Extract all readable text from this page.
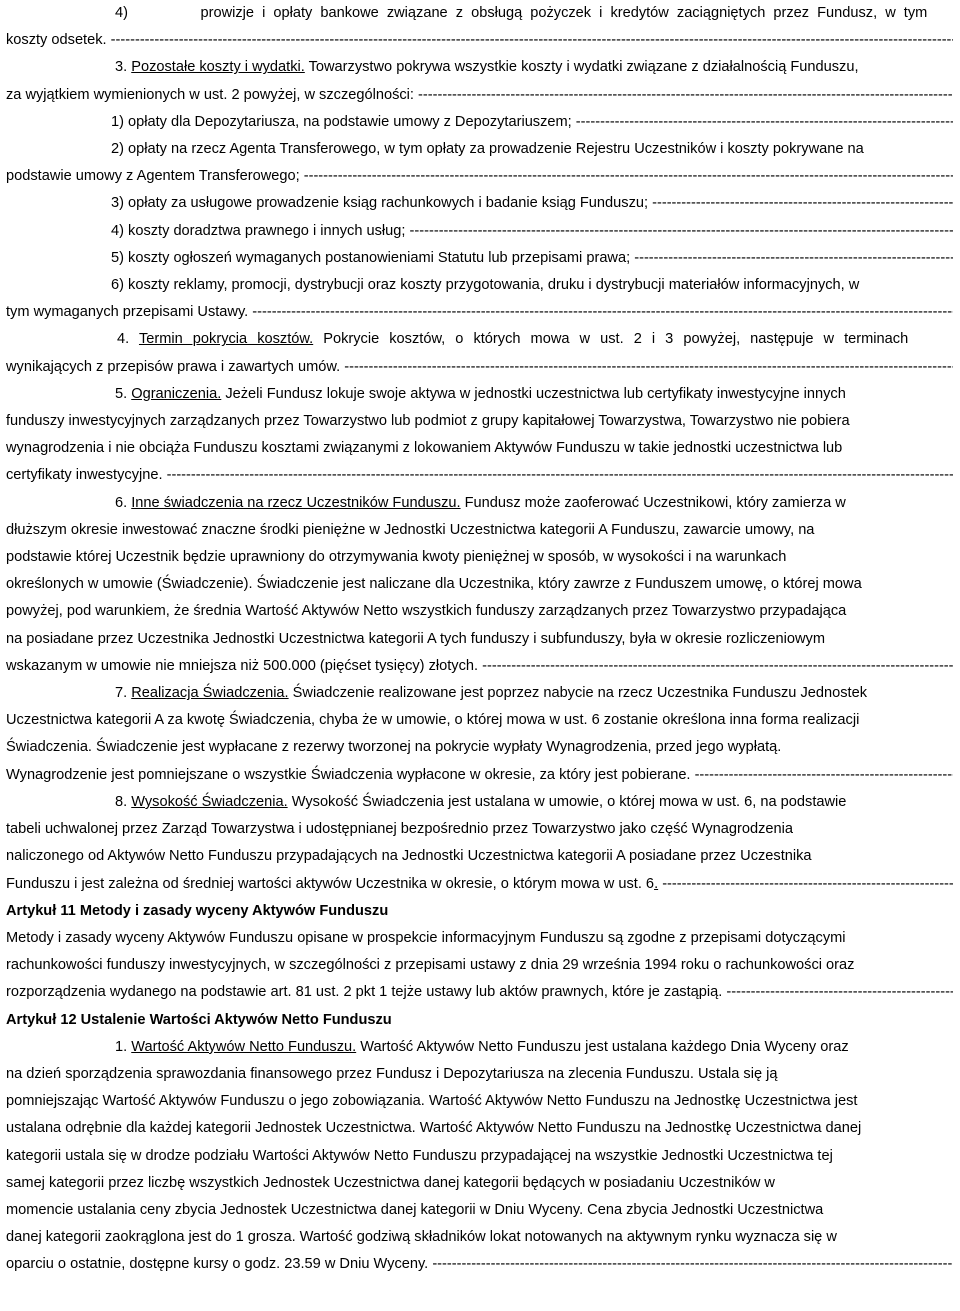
4)	prowizje i opłaty bankowe związane z obsługą pożyczek i kredytów zaciągniętych przez Fundusz, w tym

koszty odsetek. -----

3. Pozostałe koszty i wydatki. Towarzystwo pokrywa wszystkie koszty i wydatki związane z działalnością Funduszu,

za wyjątkiem wymienionych w ust. 2 powyżej, w szczególności: -----

1) opłaty dla Depozytariusza, na podstawie umowy z Depozytariuszem; -----

2) opłaty na rzecz Agenta Transferowego, w tym opłaty za prowadzenie Rejestru Uczestników i koszty pokrywane na

podstawie umowy z Agentem Transferowego; -----

3) opłaty za usługowe prowadzenie ksiąg rachunkowych i badanie ksiąg Funduszu; -----

4) koszty doradztwa prawnego i innych usług; -----

5) koszty ogłoszeń wymaganych postanowieniami Statutu lub przepisami prawa; -----

6) koszty reklamy, promocji, dystrybucji oraz koszty przygotowania, druku i dystrybucji materiałów informacyjnych, w

tym wymaganych przepisami Ustawy. -----

4. Termin pokrycia kosztów. Pokrycie kosztów, o których mowa w ust. 2 i 3 powyżej, następuje w terminach

wynikających z przepisów prawa i zawartych umów. -----

5. Ograniczenia. Jeżeli Fundusz lokuje swoje aktywa w jednostki uczestnictwa lub certyfikaty inwestycyjne innych

funduszy inwestycyjnych zarządzanych przez Towarzystwo lub podmiot z grupy kapitałowej Towarzystwa, Towarzystwo nie pobiera

wynagrodzenia i nie obciąża Funduszu kosztami związanymi z lokowaniem Aktywów Funduszu w takie jednostki uczestnictwa lub

certyfikaty inwestycyjne. -----

6. Inne świadczenia na rzecz Uczestników Funduszu. Fundusz może zaoferować Uczestnikowi, który zamierza w

dłuższym okresie inwestować znaczne środki pieniężne w Jednostki Uczestnictwa kategorii A Funduszu, zawarcie umowy, na

podstawie której Uczestnik będzie uprawniony do otrzymywania kwoty pieniężnej w sposób, w wysokości i na warunkach

określonych w umowie (Świadczenie). Świadczenie jest naliczane dla Uczestnika, który zawrze z Funduszem umowę, o której mowa

powyżej, pod warunkiem, że średnia Wartość Aktywów Netto wszystkich funduszy zarządzanych przez Towarzystwo przypadająca

na posiadane przez Uczestnika Jednostki Uczestnictwa kategorii A tych funduszy i subfunduszy, była w okresie rozliczeniowym

wskazanym w umowie nie mniejsza niż 500.000 (pięćset tysięcy) złotych. -----

7. Realizacja Świadczenia. Świadczenie realizowane jest poprzez nabycie na rzecz Uczestnika Funduszu Jednostek

Uczestnictwa kategorii A za kwotę Świadczenia, chyba że w umowie, o której mowa w ust. 6 zostanie określona inna forma realizacji

Świadczenia. Świadczenie jest wypłacane z rezerwy tworzonej na pokrycie wypłaty Wynagrodzenia, przed jego wypłatą.

Wynagrodzenie jest pomniejszane o wszystkie Świadczenia wypłacone w okresie, za który jest pobierane. -----

8. Wysokość Świadczenia. Wysokość Świadczenia jest ustalana w umowie, o której mowa w ust. 6, na podstawie

tabeli uchwalonej przez Zarząd Towarzystwa i udostępnianej bezpośrednio przez Towarzystwo jako część Wynagrodzenia

naliczonego od Aktywów Netto Funduszu przypadających na Jednostki Uczestnictwa kategorii A posiadane przez Uczestnika

Funduszu i jest zależna od średniej wartości aktywów Uczestnika w okresie, o którym mowa w ust. 6. -----

Artykuł 11 Metody i zasady wyceny Aktywów Funduszu

Metody i zasady wyceny Aktywów Funduszu opisane w prospekcie informacyjnym Funduszu są zgodne z przepisami dotyczącymi

rachunkowości funduszy inwestycyjnych, w szczególności z przepisami ustawy z dnia 29 września 1994 roku o rachunkowości oraz

rozporządzenia wydanego na podstawie art. 81 ust. 2 pkt 1 tejże ustawy lub aktów prawnych, które je zastąpią. -----

Artykuł 12 Ustalenie Wartości Aktywów Netto Funduszu

1. Wartość Aktywów Netto Funduszu. Wartość Aktywów Netto Funduszu jest ustalana każdego Dnia Wyceny oraz

na dzień sporządzenia sprawozdania finansowego przez Fundusz i Depozytariusza na zlecenia Funduszu. Ustala się ją

pomniejszając Wartość Aktywów Funduszu o jego zobowiązania. Wartość Aktywów Netto Funduszu na Jednostkę Uczestnictwa jest

ustalana odrębnie dla każdej kategorii Jednostek Uczestnictwa. Wartość Aktywów Netto Funduszu na Jednostkę Uczestnictwa danej

kategorii ustala się w drodze podziału Wartości Aktywów Netto Funduszu przypadającej na wszystkie Jednostki Uczestnictwa tej

samej kategorii przez liczbę wszystkich Jednostek Uczestnictwa danej kategorii będących w posiadaniu Uczestników w

momencie ustalania ceny zbycia Jednostek Uczestnictwa danej kategorii w Dniu Wyceny. Cena zbycia Jednostki Uczestnictwa

danej kategorii zaokrąglona jest do 1 grosza. Wartość godziwą składników lokat notowanych na aktywnym rynku wyznacza się w

oparciu o ostatnie, dostępne kursy o godz. 23.59 w Dniu Wyceny. -----
